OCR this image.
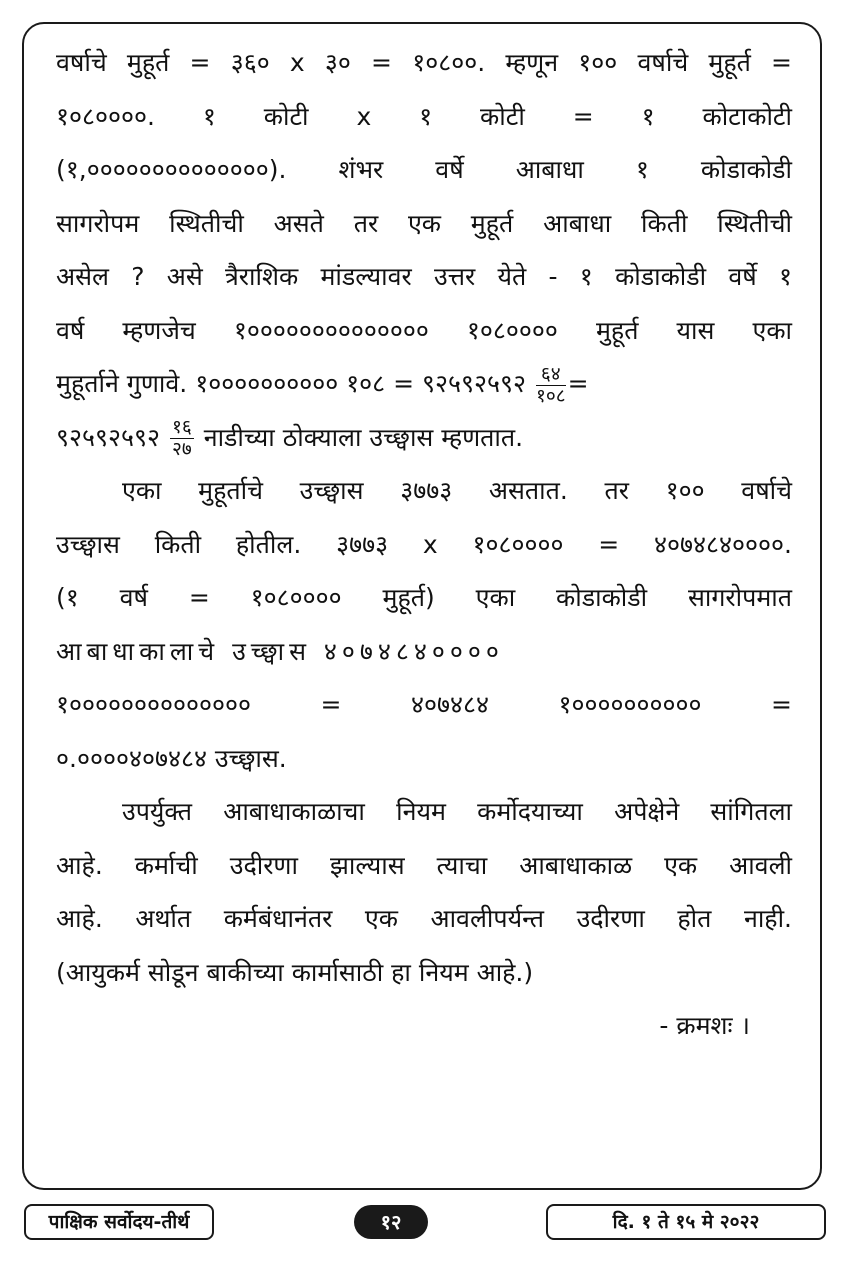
वर्षाचे मुहूर्त = ३६० x ३० = १०८००. म्हणून १०० वर्षाचे मुहूर्त =
१०८००००. १ कोटी x १ कोटी = १ कोटाकोटी
(१,००००००००००००००). शंभर वर्षे आबाधा १ कोडाकोडी
सागरोपम स्थितीची असते तर एक मुहूर्त आबाधा किती स्थितीची
असेल ? असे त्रैराशिक मांडल्यावर उत्तर येते - १ कोडाकोडी वर्षे १
वर्ष म्हणजेच १०००००००००००००० १०८०००० मुहूर्त यास एका
मुहूर्ताने गुणावे. १०००००००००० १०८ = ९२५९२५९२ $\frac{६४}{१०८}$ =
९२५९२५९२ $\frac{१६}{२७}$ नाडीच्या ठोक्याला उच्छ्वास म्हणतात.
एका मुहूर्ताचे उच्छ्वास ३७७३ असतात. तर १०० वर्षाचे
उच्छ्वास किती होतील. ३७७३ x १०८०००० = ४०७४८४००००.
(१ वर्ष = १०८०००० मुहूर्त) एका कोडाकोडी सागरोपमात
आबाधाकालाचे उच्छ्वास ४०७४८४००००
१०००००००००००००० = ४०७४८४ १०००००००००० =
०.००००४०७४८४ उच्छ्वास.
उपर्युक्त आबाधाकाळाचा नियम कर्मोदयाच्या अपेक्षेने सांगितला
आहे. कर्माची उदीरणा झाल्यास त्याचा आबाधाकाळ एक आवली
आहे. अर्थात कर्मबंधानंतर एक आवलीपर्यन्त उदीरणा होत नाही.
(आयुकर्म सोडून बाकीच्या कार्मासाठी हा नियम आहे.)
- क्रमशः ।
पाक्षिक सर्वोदय-तीर्थ	१२	दि. १ ते १५ मे २०२२
